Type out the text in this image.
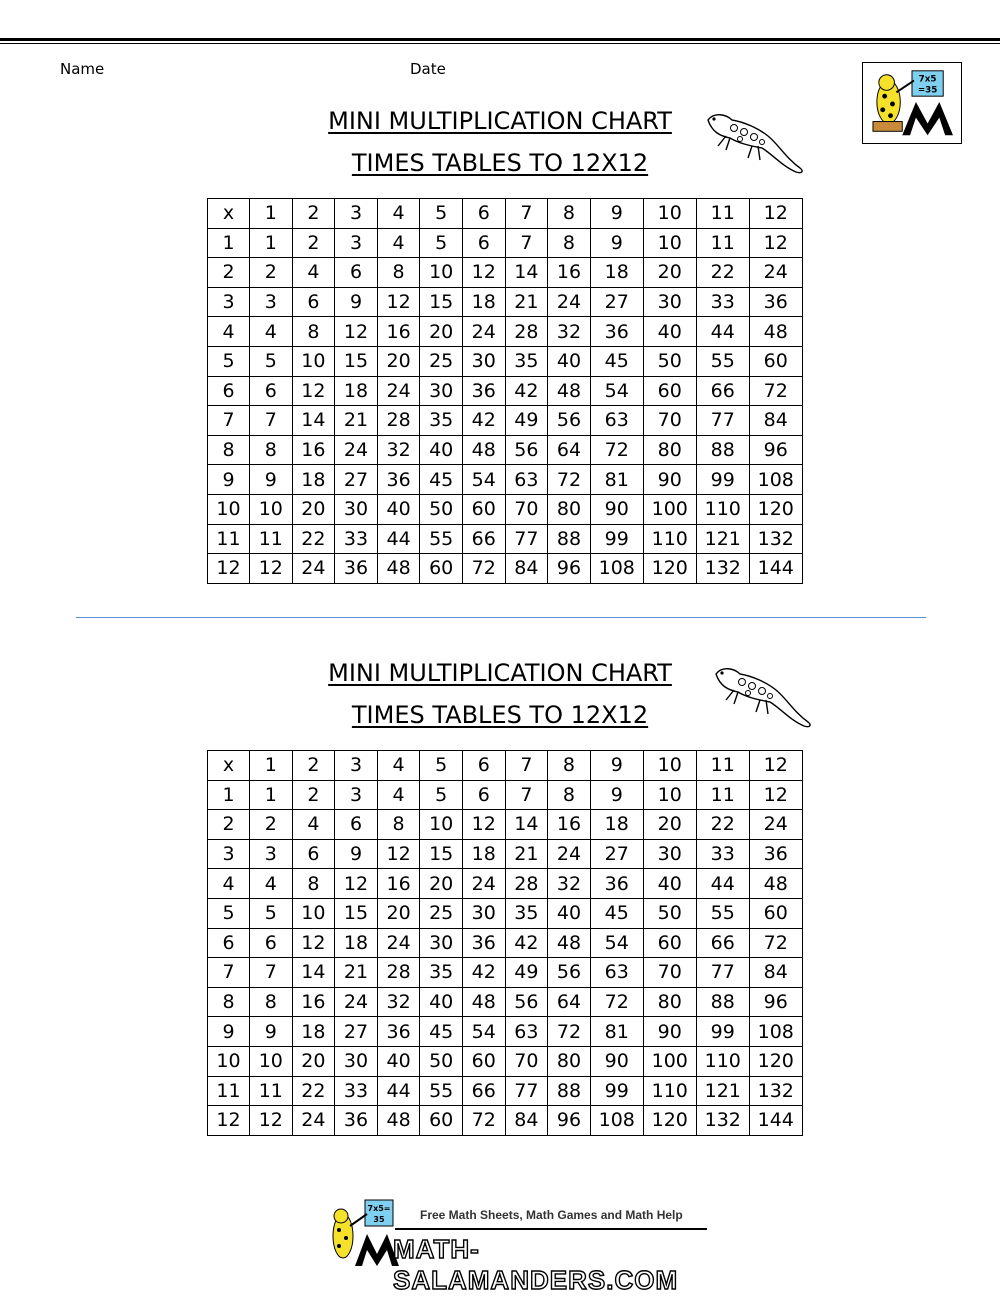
Name	Date
7x5
=35
MINI MULTIPLICATION CHART
TIMES TABLES TO 12X12
x	1	2	3	4	5	6	7	8	9	10	11	12
1	1	2	3	4	5	6	7	8	9	10	11	12
2	2	4	6	8	10	12	14	16	18	20	22	24
3	3	6	9	12	15	18	21	24	27	30	33	36
4	4	8	12	16	20	24	28	32	36	40	44	48
5	5	10	15	20	25	30	35	40	45	50	55	60
6	6	12	18	24	30	36	42	48	54	60	66	72
7	7	14	21	28	35	42	49	56	63	70	77	84
8	8	16	24	32	40	48	56	64	72	80	88	96
9	9	18	27	36	45	54	63	72	81	90	99	108
10	10	20	30	40	50	60	70	80	90	100	110	120
11	11	22	33	44	55	66	77	88	99	110	121	132
12	12	24	36	48	60	72	84	96	108	120	132	144
MINI MULTIPLICATION CHART
TIMES TABLES TO 12X12
x	1	2	3	4	5	6	7	8	9	10	11	12
1	1	2	3	4	5	6	7	8	9	10	11	12
2	2	4	6	8	10	12	14	16	18	20	22	24
3	3	6	9	12	15	18	21	24	27	30	33	36
4	4	8	12	16	20	24	28	32	36	40	44	48
5	5	10	15	20	25	30	35	40	45	50	55	60
6	6	12	18	24	30	36	42	48	54	60	66	72
7	7	14	21	28	35	42	49	56	63	70	77	84
8	8	16	24	32	40	48	56	64	72	80	88	96
9	9	18	27	36	45	54	63	72	81	90	99	108
10	10	20	30	40	50	60	70	80	90	100	110	120
11	11	22	33	44	55	66	77	88	99	110	121	132
12	12	24	36	48	60	72	84	96	108	120	132	144
7x5=
35	Free Math Sheets, Math Games and Math Help
MATH-SALAMANDERS.COM
